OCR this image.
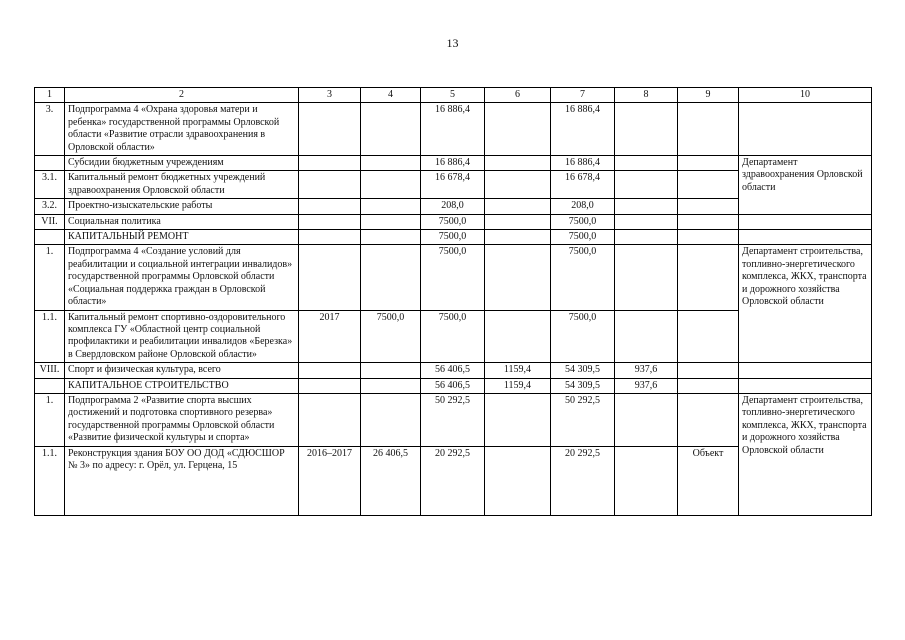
13
1	2	3	4	5	6	7	8	9	10
3.	Подпрограмма 4 «Охрана здоровья матери и ребенка» государственной программы Орловской области «Развитие отрасли здравоохранения в Орловской области»			16 886,4		16 886,4			
	Субсидии бюджетным учреждениям			16 886,4		16 886,4			Департамент здравоохранения Орловской области
3.1.	Капитальный ремонт бюджетных учреждений здравоохранения Орловской области			16 678,4		16 678,4			
3.2.	Проектно-изыскательские работы			208,0		208,0			
VII.	Социальная политика			7500,0		7500,0			
	КАПИТАЛЬНЫЙ РЕМОНТ			7500,0		7500,0			
1.	Подпрограмма 4 «Создание условий для реабилитации и социальной интеграции инвалидов» государственной программы Орловской области «Социальная поддержка граждан в Орловской области»			7500,0		7500,0			Департамент строительства, топливно-энергетического комплекса, ЖКХ, транспорта и дорожного хозяйства Орловской области
1.1.	Капитальный ремонт спортивно-оздоровительного комплекса ГУ «Областной центр социальной профилактики и реабилитации инвалидов «Березка» в Свердловском районе Орловской области»	2017	7500,0	7500,0		7500,0			
VIII.	Спорт и физическая культура, всего			56 406,5	1159,4	54 309,5	937,6		
	КАПИТАЛЬНОЕ СТРОИТЕЛЬСТВО			56 406,5	1159,4	54 309,5	937,6		
1.	Подпрограмма 2 «Развитие спорта высших достижений и подготовка спортивного резерва» государственной программы Орловской области «Развитие физической культуры и спорта»			50 292,5		50 292,5			Департамент строительства, топливно-энергетического комплекса, ЖКХ, транспорта и дорожного хозяйства Орловской области
1.1.	Реконструкция здания БОУ ОО ДОД «СДЮСШОР № 3» по адресу: г. Орёл, ул. Герцена, 15	2016–2017	26 406,5	20 292,5		20 292,5		Объект	
